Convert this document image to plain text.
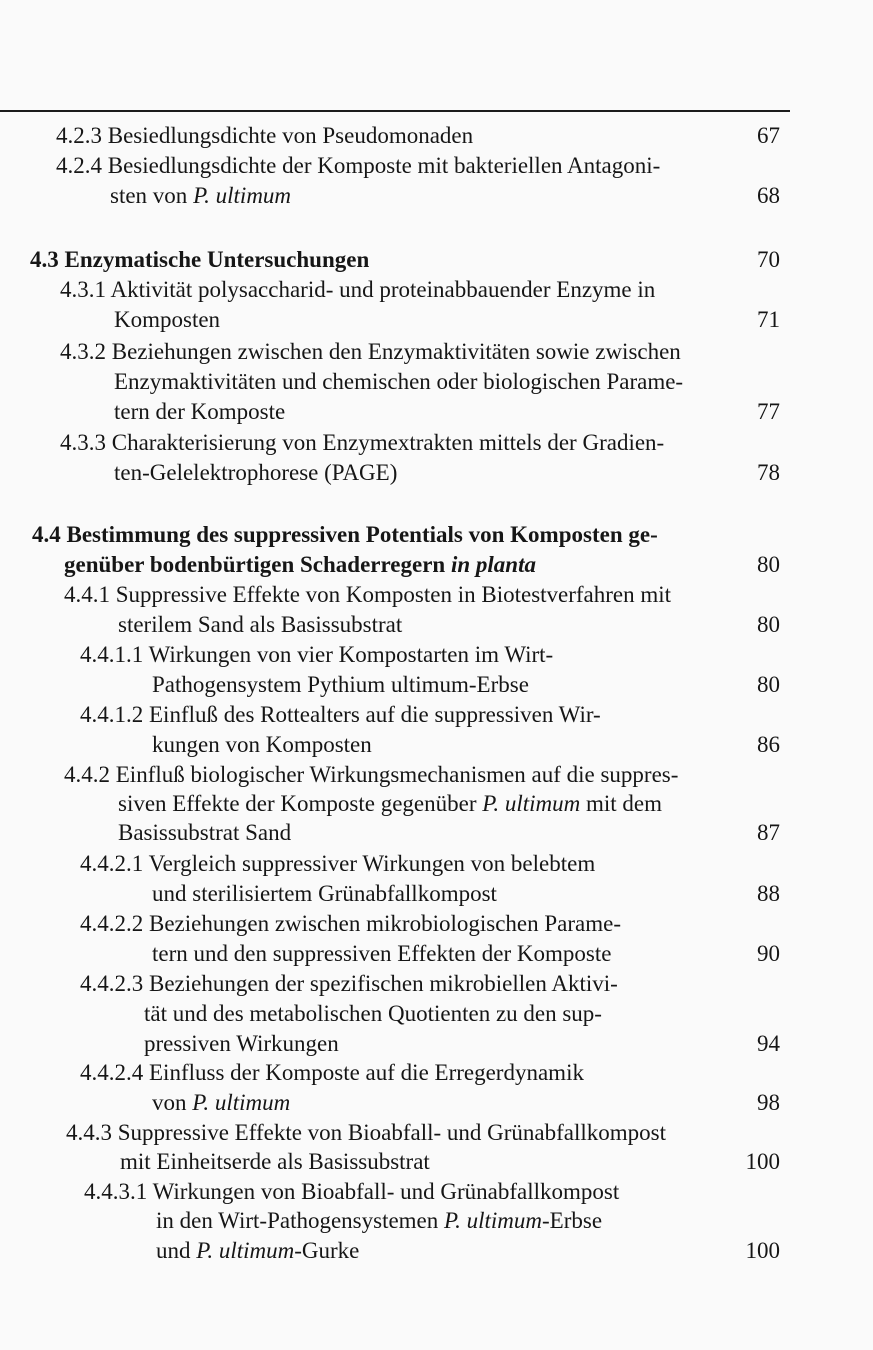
4.2.3 Besiedlungsdichte von Pseudomonaden	67
4.2.4 Besiedlungsdichte der Komposte mit bakteriellen Antagoni-
sten von P. ultimum	68
4.3 Enzymatische Untersuchungen	70
4.3.1 Aktivität polysaccharid- und proteinabbauender Enzyme in
Komposten	71
4.3.2 Beziehungen zwischen den Enzymaktivitäten sowie zwischen
Enzymaktivitäten und chemischen oder biologischen Parame-
tern der Komposte	77
4.3.3 Charakterisierung von Enzymextrakten mittels der Gradien-
ten-Gelelektrophorese (PAGE)	78
4.4 Bestimmung des suppressiven Potentials von Komposten ge-
genüber bodenbürtigen Schaderregern in planta	80
4.4.1 Suppressive Effekte von Komposten in Biotestverfahren mit
sterilem Sand als Basissubstrat	80
4.4.1.1 Wirkungen von vier Kompostarten im Wirt-
Pathogensystem Pythium ultimum-Erbse	80
4.4.1.2 Einfluß des Rottealters auf die suppressiven Wir-
kungen von Komposten	86
4.4.2 Einfluß biologischer Wirkungsmechanismen auf die suppres-
siven Effekte der Komposte gegenüber P. ultimum mit dem
Basissubstrat Sand	87
4.4.2.1 Vergleich suppressiver Wirkungen von belebtem
und sterilisiertem Grünabfallkompost	88
4.4.2.2 Beziehungen zwischen mikrobiologischen Parame-
tern und den suppressiven Effekten der Komposte	90
4.4.2.3 Beziehungen der spezifischen mikrobiellen Aktivi-
tät und des metabolischen Quotienten zu den sup-
pressiven Wirkungen	94
4.4.2.4 Einfluss der Komposte auf die Erregerdynamik
von P. ultimum	98
4.4.3 Suppressive Effekte von Bioabfall- und Grünabfallkompost
mit Einheitserde als Basissubstrat	100
4.4.3.1 Wirkungen von Bioabfall- und Grünabfallkompost
in den Wirt-Pathogensystemen P. ultimum-Erbse
und P. ultimum-Gurke	100
